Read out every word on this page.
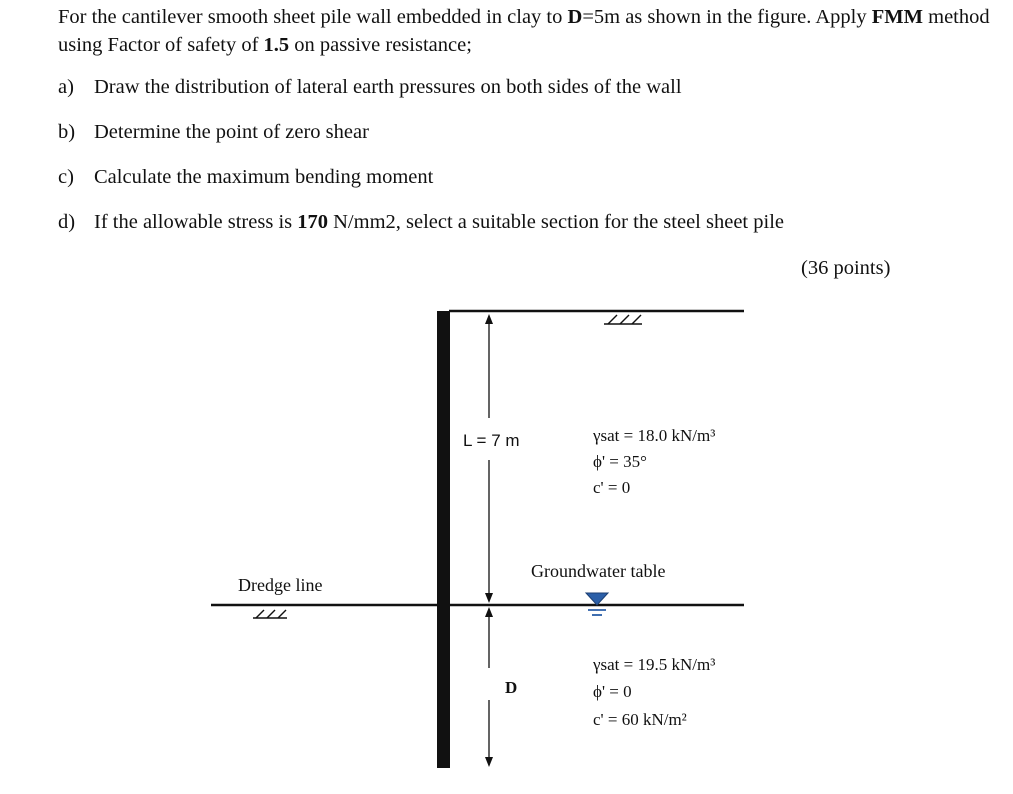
For the cantilever smooth sheet pile wall embedded in clay to D=5m as shown in the figure. Apply FMM method using Factor of safety of 1.5 on passive resistance;

a) Draw the distribution of lateral earth pressures on both sides of the wall

b) Determine the point of zero shear

c) Calculate the maximum bending moment

d) If the allowable stress is 170 N/mm2, select a suitable section for the steel sheet pile

(36 points)
L = 7 m
D
Dredge line
Groundwater table
γsat = 18.0 kN/m³
ϕ' = 35°
c' = 0
γsat = 19.5 kN/m³
ϕ' = 0
c' = 60 kN/m²
